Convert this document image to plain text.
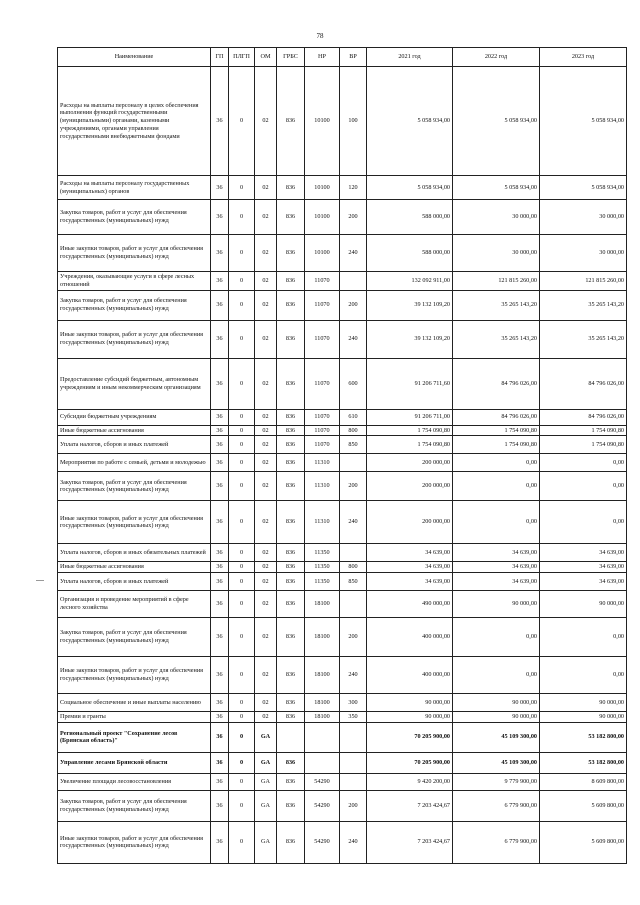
78
Наименование	ГП	ПЛГП	ОМ	ГРБС	НР	ВР	2021 год	2022 год	2023 год
Расходы на выплаты персоналу в целях обеспечения выполнения функций государственными (муниципальными) органами, казенными учреждениями, органами управления государственными внебюджетными фондами	36	0	02	836	10100	100	5 058 934,00	5 058 934,00	5 058 934,00
Расходы на выплаты персоналу государственных (муниципальных) органов	36	0	02	836	10100	120	5 058 934,00	5 058 934,00	5 058 934,00
Закупка товаров, работ и услуг для обеспечения государственных (муниципальных) нужд	36	0	02	836	10100	200	588 000,00	30 000,00	30 000,00
Иные закупки товаров, работ и услуг для обеспечения государственных (муниципальных) нужд	36	0	02	836	10100	240	588 000,00	30 000,00	30 000,00
Учреждения, оказывающие услуги в сфере лесных отношений	36	0	02	836	11070		132 092 911,00	121 815 260,00	121 815 260,00
Закупка товаров, работ и услуг для обеспечения государственных (муниципальных) нужд	36	0	02	836	11070	200	39 132 109,20	35 265 143,20	35 265 143,20
Иные закупки товаров, работ и услуг для обеспечения государственных (муниципальных) нужд	36	0	02	836	11070	240	39 132 109,20	35 265 143,20	35 265 143,20
Предоставление субсидий бюджетным, автономным учреждениям и иным некоммерческим организациям	36	0	02	836	11070	600	91 206 711,60	84 796 026,00	84 796 026,00
Субсидии бюджетным учреждениям	36	0	02	836	11070	610	91 206 711,00	84 796 026,00	84 796 026,00
Иные бюджетные ассигнования	36	0	02	836	11070	800	1 754 090,80	1 754 090,80	1 754 090,80
Уплата налогов, сборов и иных платежей	36	0	02	836	11070	850	1 754 090,80	1 754 090,80	1 754 090,80
Мероприятия по работе с семьей, детьми и молодежью	36	0	02	836	11310		200 000,00	0,00	0,00
Закупка товаров, работ и услуг для обеспечения государственных (муниципальных) нужд	36	0	02	836	11310	200	200 000,00	0,00	0,00
Иные закупки товаров, работ и услуг для обеспечения государственных (муниципальных) нужд	36	0	02	836	11310	240	200 000,00	0,00	0,00
Уплата налогов, сборов и иных обязательных платежей	36	0	02	836	11350		34 639,00	34 639,00	34 639,00
Иные бюджетные ассигнования	36	0	02	836	11350	800	34 639,00	34 639,00	34 639,00
Уплата налогов, сборов и иных платежей	36	0	02	836	11350	850	34 639,00	34 639,00	34 639,00
Организация и проведение мероприятий в сфере лесного хозяйства	36	0	02	836	18100		490 000,00	90 000,00	90 000,00
Закупка товаров, работ и услуг для обеспечения государственных (муниципальных) нужд	36	0	02	836	18100	200	400 000,00	0,00	0,00
Иные закупки товаров, работ и услуг для обеспечения государственных (муниципальных) нужд	36	0	02	836	18100	240	400 000,00	0,00	0,00
Социальное обеспечение и иные выплаты населению	36	0	02	836	18100	300	90 000,00	90 000,00	90 000,00
Премии и гранты	36	0	02	836	18100	350	90 000,00	90 000,00	90 000,00
Региональный проект "Сохранение лесов (Брянская область)"	36	0	GA				70 205 900,00	45 109 300,00	53 182 800,00
Управление лесами Брянской области	36	0	GA	836			70 205 900,00	45 109 300,00	53 182 800,00
Увеличение площади лесовосстановления	36	0	GA	836	54290		9 420 200,00	9 779 900,00	8 609 800,00
Закупка товаров, работ и услуг для обеспечения государственных (муниципальных) нужд	36	0	GA	836	54290	200	7 203 424,67	6 779 900,00	5 609 800,00
Иные закупки товаров, работ и услуг для обеспечения государственных (муниципальных) нужд	36	0	GA	836	54290	240	7 203 424,67	6 779 900,00	5 609 800,00
